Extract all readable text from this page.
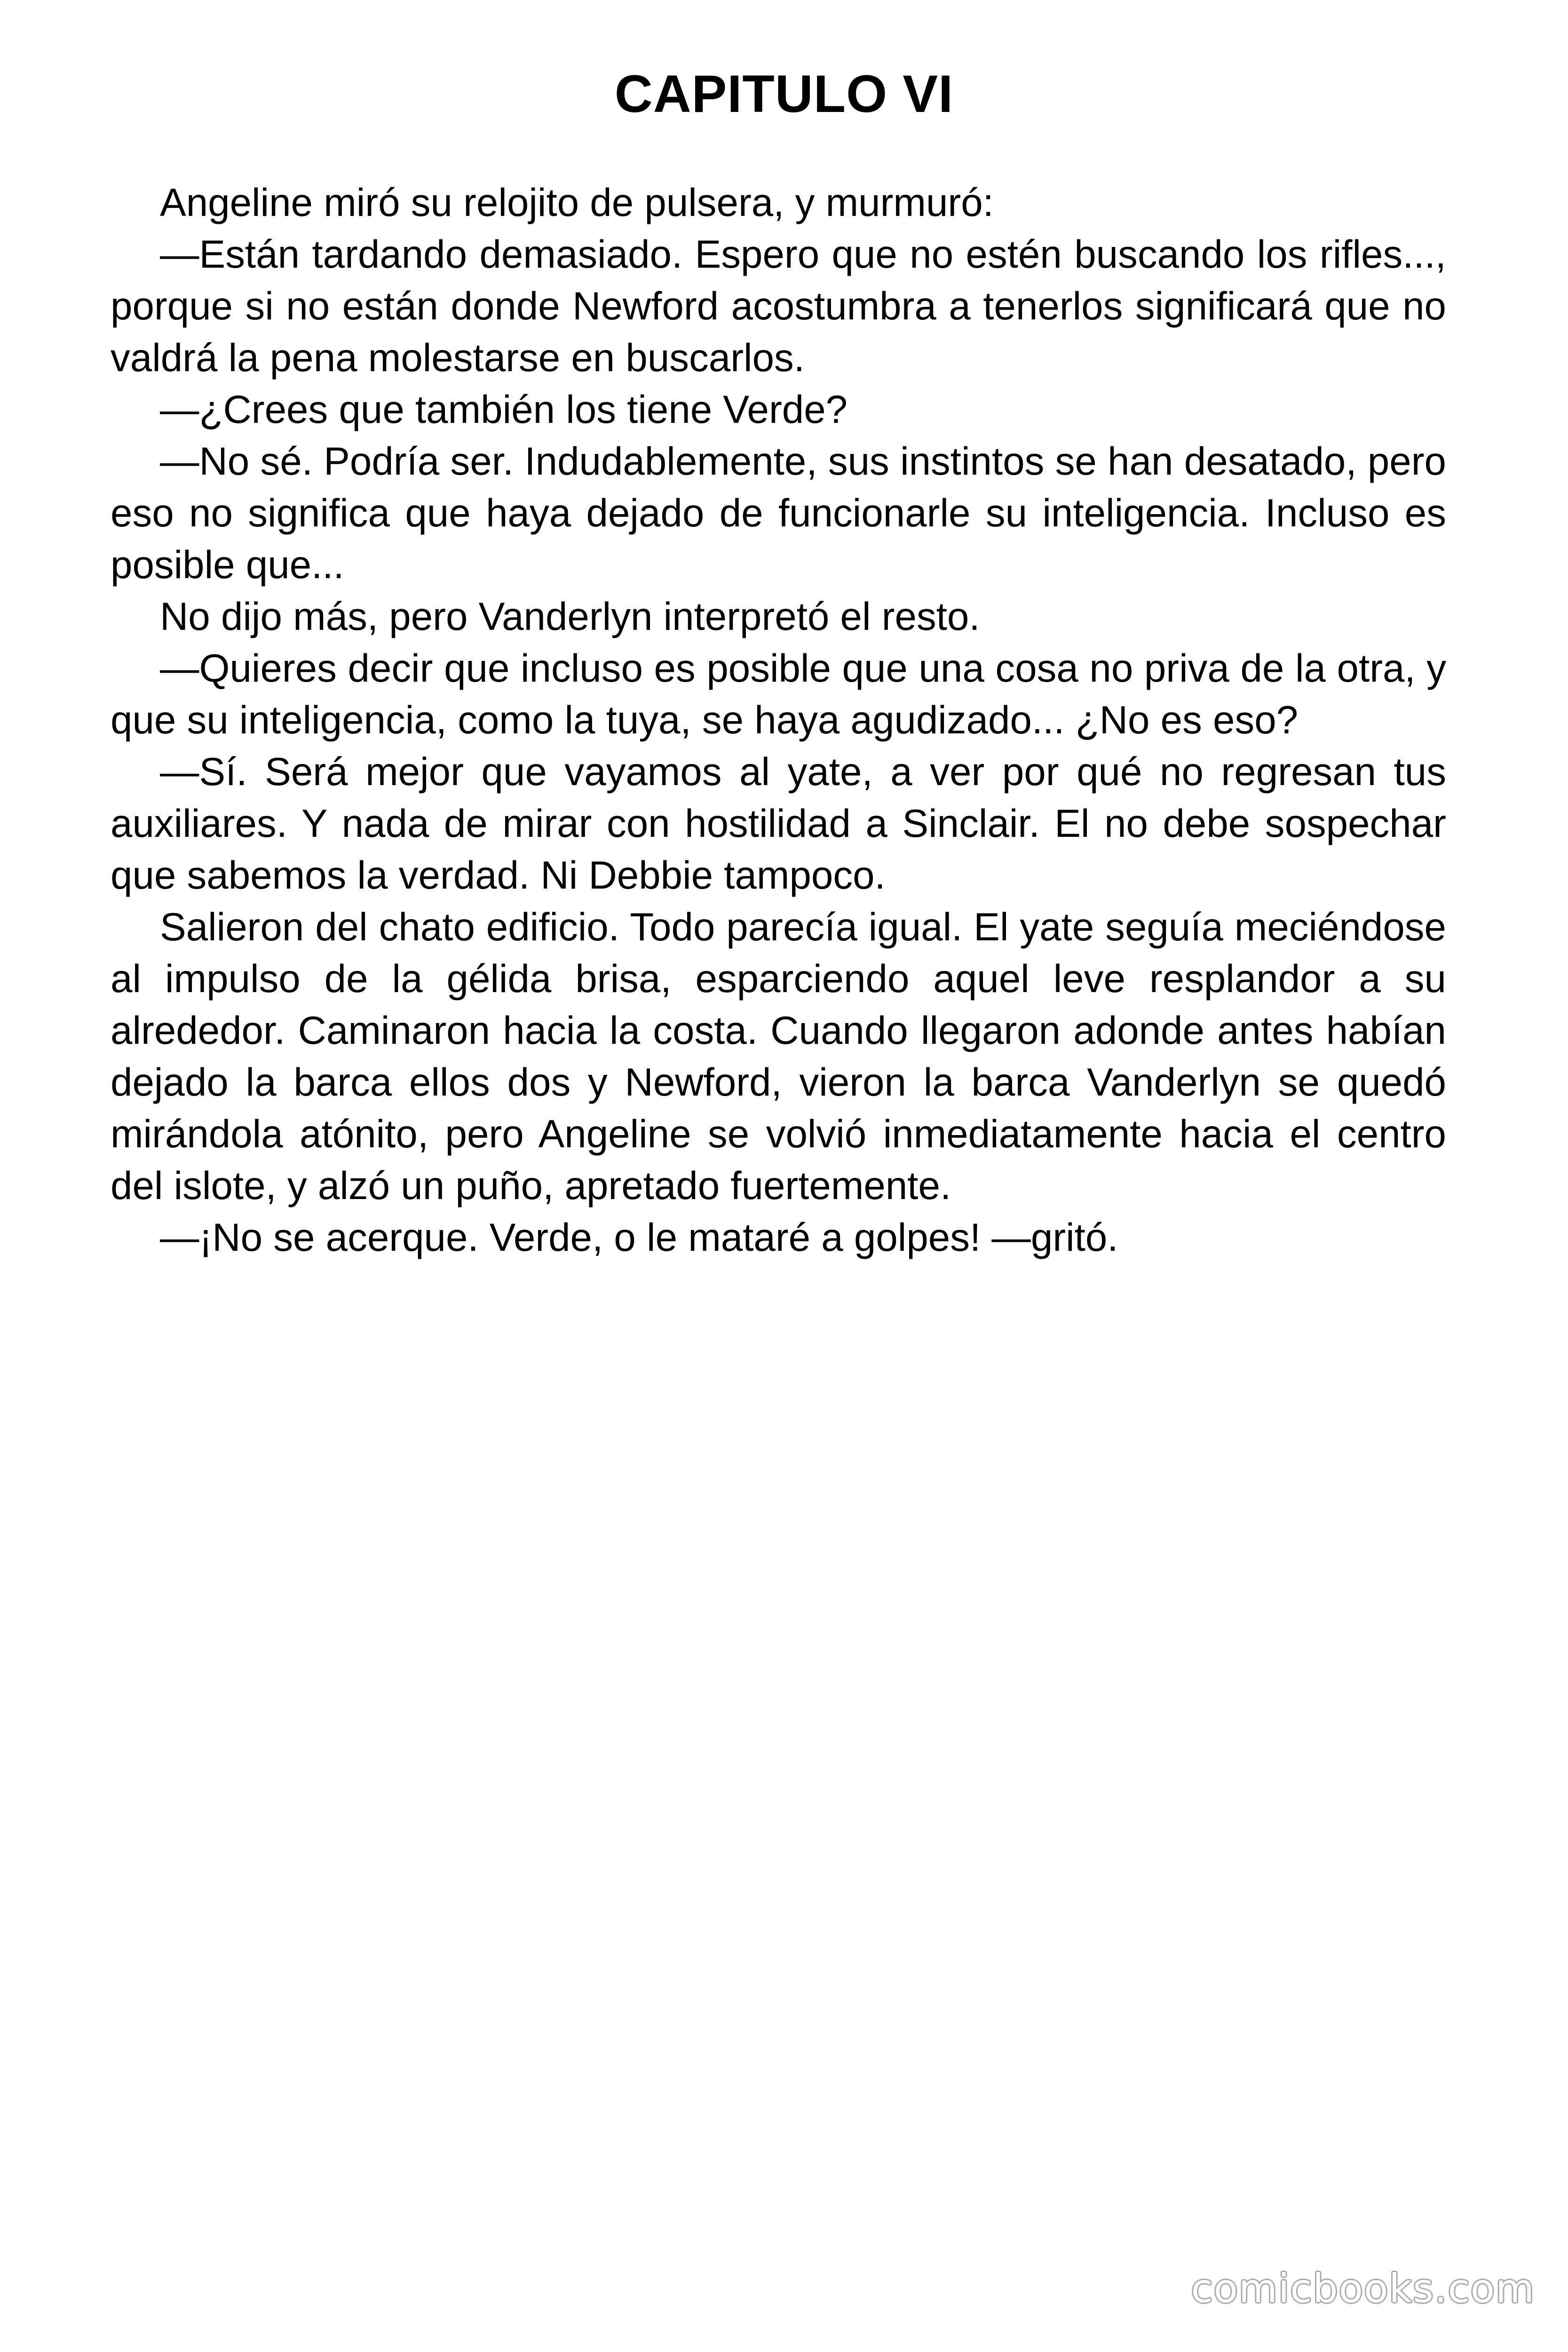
CAPITULO VI

Angeline miró su relojito de pulsera, y murmuró:

—Están tardando demasiado. Espero que no estén buscando los rifles..., porque si no están donde Newford acostumbra a tenerlos significará que no valdrá la pena molestarse en buscarlos.

—¿Crees que también los tiene Verde?

—No sé. Podría ser. Indudablemente, sus instintos se han desatado, pero eso no significa que haya dejado de funcionarle su inteligencia. Incluso es posible que...

No dijo más, pero Vanderlyn interpretó el resto.

—Quieres decir que incluso es posible que una cosa no priva de la otra, y que su inteligencia, como la tuya, se haya agudizado... ¿No es eso?

—Sí. Será mejor que vayamos al yate, a ver por qué no regresan tus auxiliares. Y nada de mirar con hostilidad a Sinclair. El no debe sospechar que sabemos la verdad. Ni Debbie tampoco.

Salieron del chato edificio. Todo parecía igual. El yate seguía meciéndose al impulso de la gélida brisa, esparciendo aquel leve resplandor a su alrededor. Caminaron hacia la costa. Cuando llegaron adonde antes habían dejado la barca ellos dos y Newford, vieron la barca Vanderlyn se quedó mirándola atónito, pero Angeline se volvió inmediatamente hacia el centro del islote, y alzó un puño, apretado fuertemente.

—¡No se acerque. Verde, o le mataré a golpes! —gritó.

comicbooks.com
